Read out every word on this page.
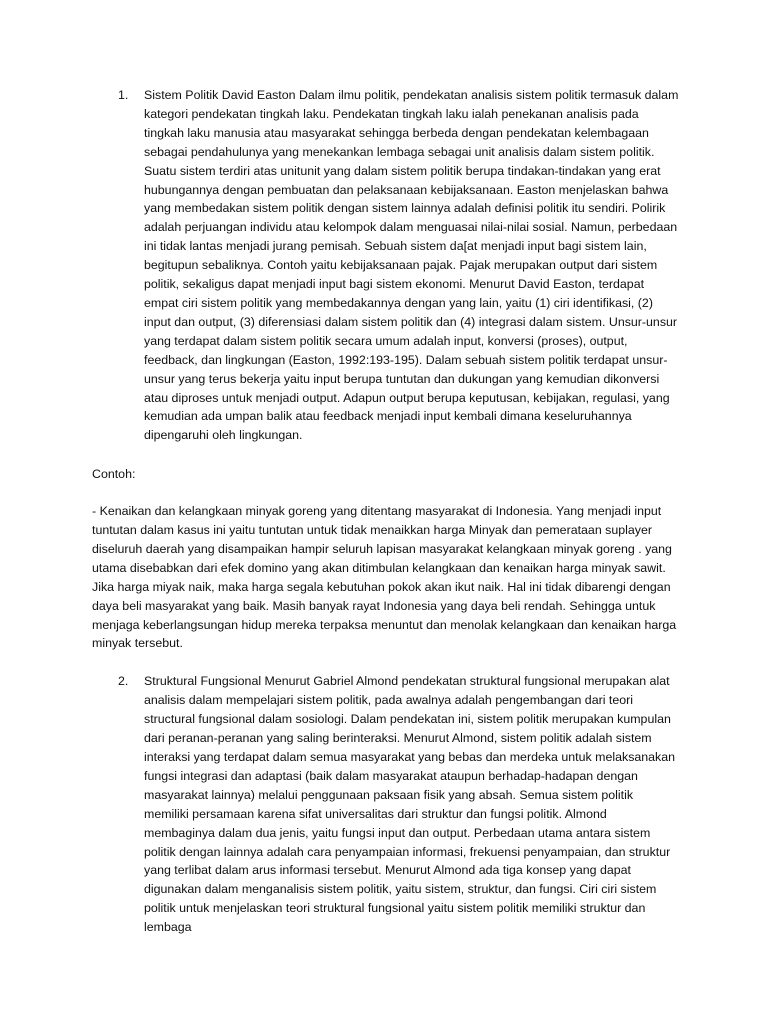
1. Sistem Politik David Easton Dalam ilmu politik, pendekatan analisis sistem politik termasuk dalam kategori pendekatan tingkah laku. Pendekatan tingkah laku ialah penekanan analisis pada tingkah laku manusia atau masyarakat sehingga berbeda dengan pendekatan kelembagaan sebagai pendahulunya yang menekankan lembaga sebagai unit analisis dalam sistem politik. Suatu sistem terdiri atas unitunit yang dalam sistem politik berupa tindakan-tindakan yang erat hubungannya dengan pembuatan dan pelaksanaan kebijaksanaan. Easton menjelaskan bahwa yang membedakan sistem politik dengan sistem lainnya adalah definisi politik itu sendiri. Polirik adalah perjuangan individu atau kelompok dalam menguasai nilai-nilai sosial. Namun, perbedaan ini tidak lantas menjadi jurang pemisah. Sebuah sistem da[at menjadi input bagi sistem lain, begitupun sebaliknya. Contoh yaitu kebijaksanaan pajak. Pajak merupakan output dari sistem politik, sekaligus dapat menjadi input bagi sistem ekonomi. Menurut David Easton, terdapat empat ciri sistem politik yang membedakannya dengan yang lain, yaitu (1) ciri identifikasi, (2) input dan output, (3) diferensiasi dalam sistem politik dan (4) integrasi dalam sistem. Unsur-unsur yang terdapat dalam sistem politik secara umum adalah input, konversi (proses), output, feedback, dan lingkungan (Easton, 1992:193-195). Dalam sebuah sistem politik terdapat unsur-unsur yang terus bekerja yaitu input berupa tuntutan dan dukungan yang kemudian dikonversi atau diproses untuk menjadi output. Adapun output berupa keputusan, kebijakan, regulasi, yang kemudian ada umpan balik atau feedback menjadi input kembali dimana keseluruhannya dipengaruhi oleh lingkungan.

Contoh:

- Kenaikan dan kelangkaan minyak goreng yang ditentang masyarakat di Indonesia. Yang menjadi input tuntutan dalam kasus ini yaitu tuntutan untuk tidak menaikkan harga Minyak dan pemerataan suplayer diseluruh daerah yang disampaikan hampir seluruh lapisan masyarakat kelangkaan minyak goreng . yang utama disebabkan dari efek domino yang akan ditimbulan kelangkaan dan kenaikan harga minyak sawit. Jika harga miyak naik, maka harga segala kebutuhan pokok akan ikut naik. Hal ini tidak dibarengi dengan daya beli masyarakat yang baik. Masih banyak rayat Indonesia yang daya beli rendah. Sehingga untuk menjaga keberlangsungan hidup mereka terpaksa menuntut dan menolak kelangkaan dan kenaikan harga minyak tersebut.

2. Struktural Fungsional Menurut Gabriel Almond pendekatan struktural fungsional merupakan alat analisis dalam mempelajari sistem politik, pada awalnya adalah pengembangan dari teori structural fungsional dalam sosiologi. Dalam pendekatan ini, sistem politik merupakan kumpulan dari peranan-peranan yang saling berinteraksi. Menurut Almond, sistem politik adalah sistem interaksi yang terdapat dalam semua masyarakat yang bebas dan merdeka untuk melaksanakan fungsi integrasi dan adaptasi (baik dalam masyarakat ataupun berhadap-hadapan dengan masyarakat lainnya) melalui penggunaan paksaan fisik yang absah. Semua sistem politik memiliki persamaan karena sifat universalitas dari struktur dan fungsi politik. Almond membaginya dalam dua jenis, yaitu fungsi input dan output. Perbedaan utama antara sistem politik dengan lainnya adalah cara penyampaian informasi, frekuensi penyampaian, dan struktur yang terlibat dalam arus informasi tersebut. Menurut Almond ada tiga konsep yang dapat digunakan dalam menganalisis sistem politik, yaitu sistem, struktur, dan fungsi. Ciri ciri sistem politik untuk menjelaskan teori struktural fungsional yaitu sistem politik memiliki struktur dan lembaga
